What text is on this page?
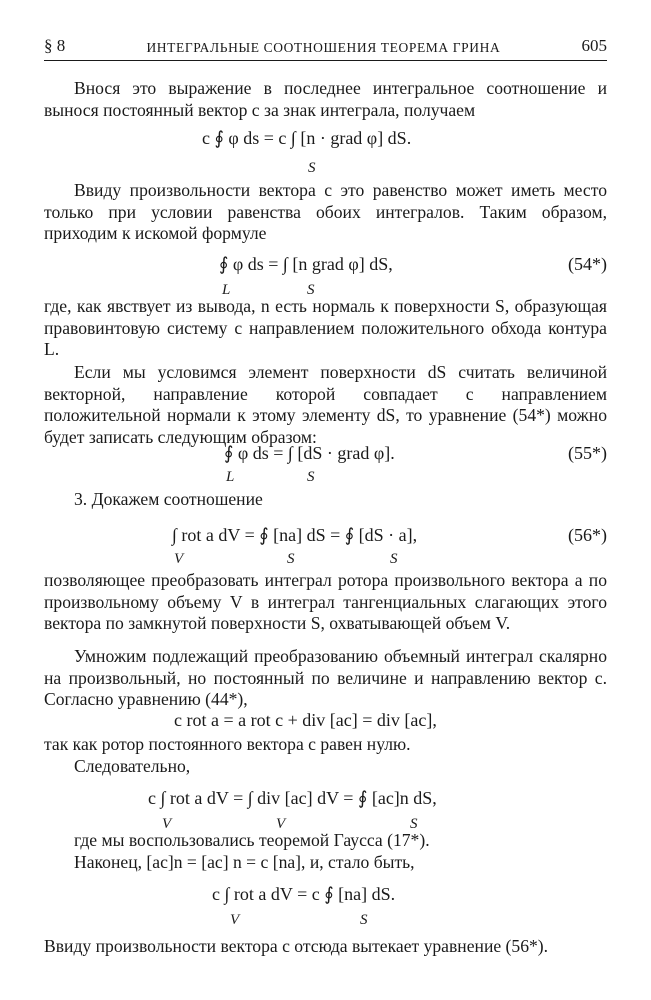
§ 8	ИНТЕГРАЛЬНЫЕ СООТНОШЕНИЯ ТЕОРЕМА ГРИНА	605

Внося это выражение в последнее интегральное соотношение и вынося постоянный вектор c за знак интеграла, получаем

c ∮ φ ds = c ∫ [n · grad φ] dS.
S

Ввиду произвольности вектора c это равенство может иметь место только при условии равенства обоих интегралов. Таким образом, приходим к искомой формуле

∮ φ ds = ∫ [n grad φ] dS,
L	S
(54*)

где, как явствует из вывода, n есть нормаль к поверхности S, образующая правовинтовую систему с направлением положительного обхода контура L.

Если мы условимся элемент поверхности dS считать величиной векторной, направление которой совпадает с направлением положительной нормали к этому элементу dS, то уравнение (54*) можно будет записать следующим образом:

∮ φ ds = ∫ [dS · grad φ].
L	S
(55*)

3. Докажем соотношение

∫ rot a dV = ∮ [na] dS = ∮ [dS · a],
V	S	S
(56*)

позволяющее преобразовать интеграл ротора произвольного вектора a по произвольному объему V в интеграл тангенциальных слагающих этого вектора по замкнутой поверхности S, охватывающей объем V.

Умножим подлежащий преобразованию объемный интеграл скалярно на произвольный, но постоянный по величине и направлению вектор c. Согласно уравнению (44*),

c rot a = a rot c + div [ac] = div [ac],

так как ротор постоянного вектора c равен нулю.

Следовательно,

c ∫ rot a dV = ∫ div [ac] dV = ∮ [ac]n dS,
V	V	S

где мы воспользовались теоремой Гаусса (17*).

Наконец, [ac]n = [ac] n = c [na], и, стало быть,

c ∫ rot a dV = c ∮ [na] dS.
V	S

Ввиду произвольности вектора c отсюда вытекает уравнение (56*).
